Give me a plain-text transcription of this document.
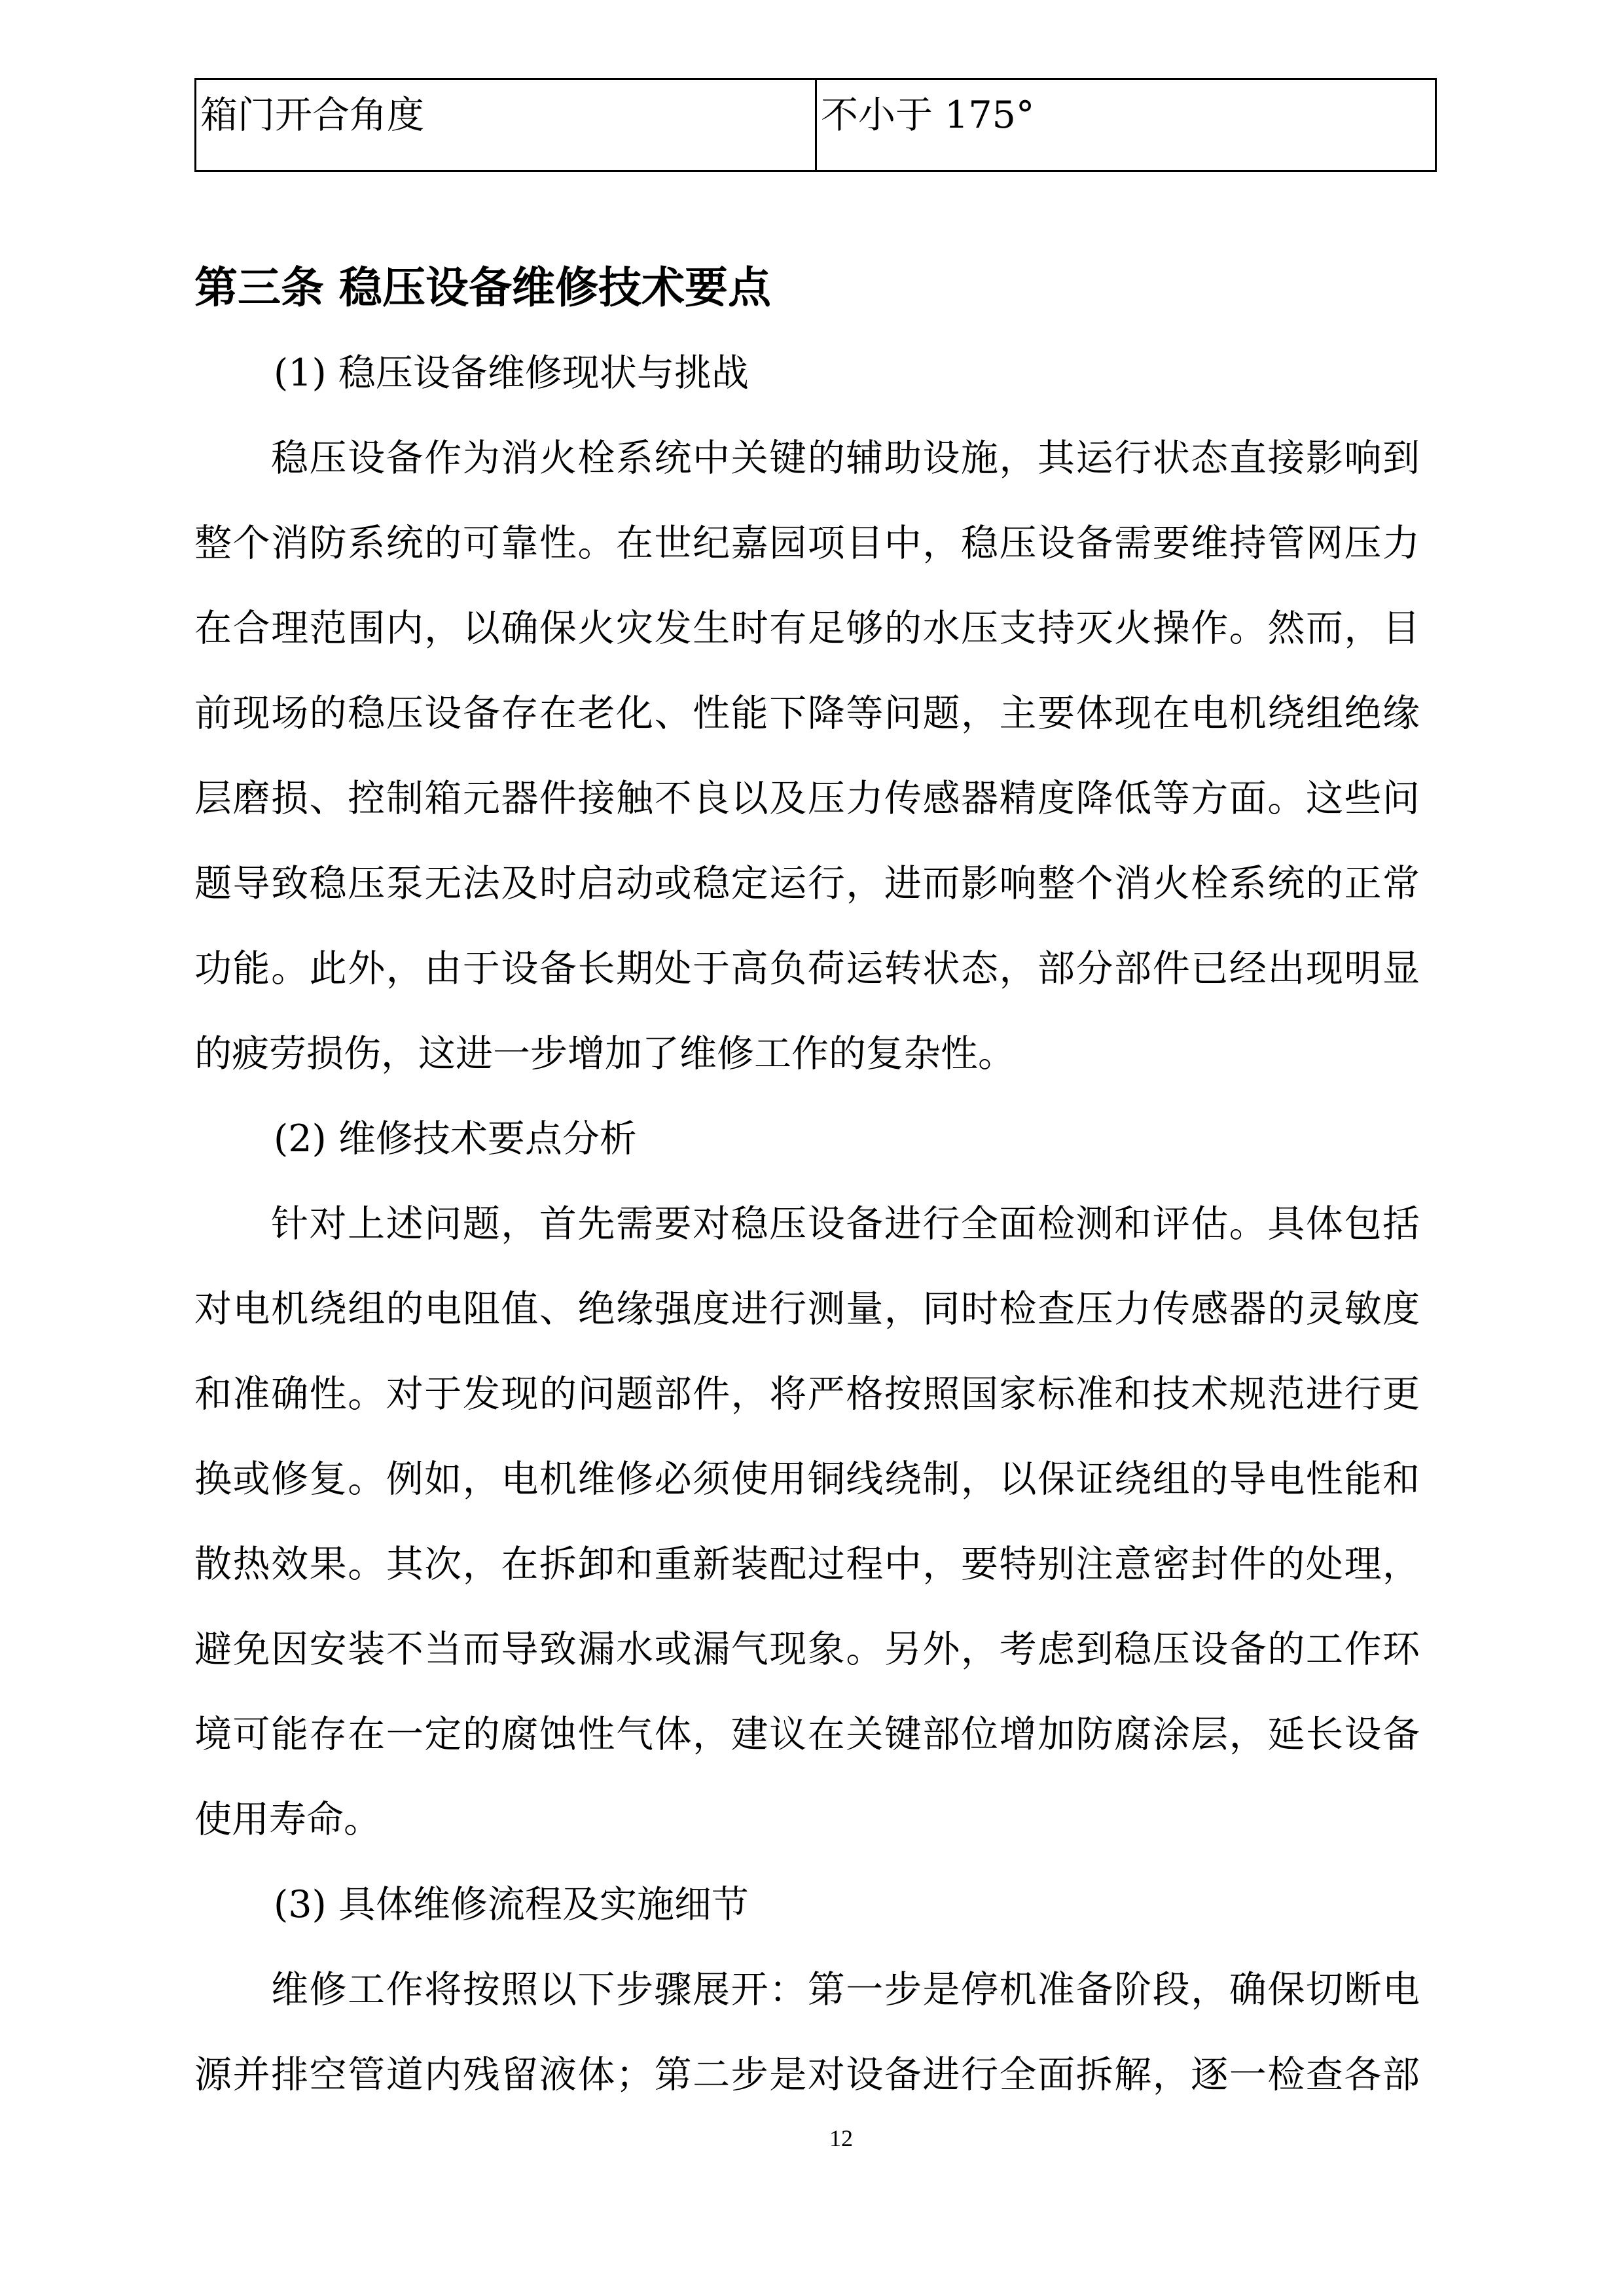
箱门开合角度	不小于 175°
第三条 稳压设备维修技术要点
(1) 稳压设备维修现状与挑战
稳压设备作为消火栓系统中关键的辅助设施，其运行状态直接影响到
整个消防系统的可靠性。在世纪嘉园项目中，稳压设备需要维持管网压力
在合理范围内，以确保火灾发生时有足够的水压支持灭火操作。然而，目
前现场的稳压设备存在老化、性能下降等问题，主要体现在电机绕组绝缘
层磨损、控制箱元器件接触不良以及压力传感器精度降低等方面。这些问
题导致稳压泵无法及时启动或稳定运行，进而影响整个消火栓系统的正常
功能。此外，由于设备长期处于高负荷运转状态，部分部件已经出现明显
的疲劳损伤，这进一步增加了维修工作的复杂性。
(2) 维修技术要点分析
针对上述问题，首先需要对稳压设备进行全面检测和评估。具体包括
对电机绕组的电阻值、绝缘强度进行测量，同时检查压力传感器的灵敏度
和准确性。对于发现的问题部件，将严格按照国家标准和技术规范进行更
换或修复。例如，电机维修必须使用铜线绕制，以保证绕组的导电性能和
散热效果。其次，在拆卸和重新装配过程中，要特别注意密封件的处理，
避免因安装不当而导致漏水或漏气现象。另外，考虑到稳压设备的工作环
境可能存在一定的腐蚀性气体，建议在关键部位增加防腐涂层，延长设备
使用寿命。
(3) 具体维修流程及实施细节
维修工作将按照以下步骤展开：第一步是停机准备阶段，确保切断电
源并排空管道内残留液体；第二步是对设备进行全面拆解，逐一检查各部
12
